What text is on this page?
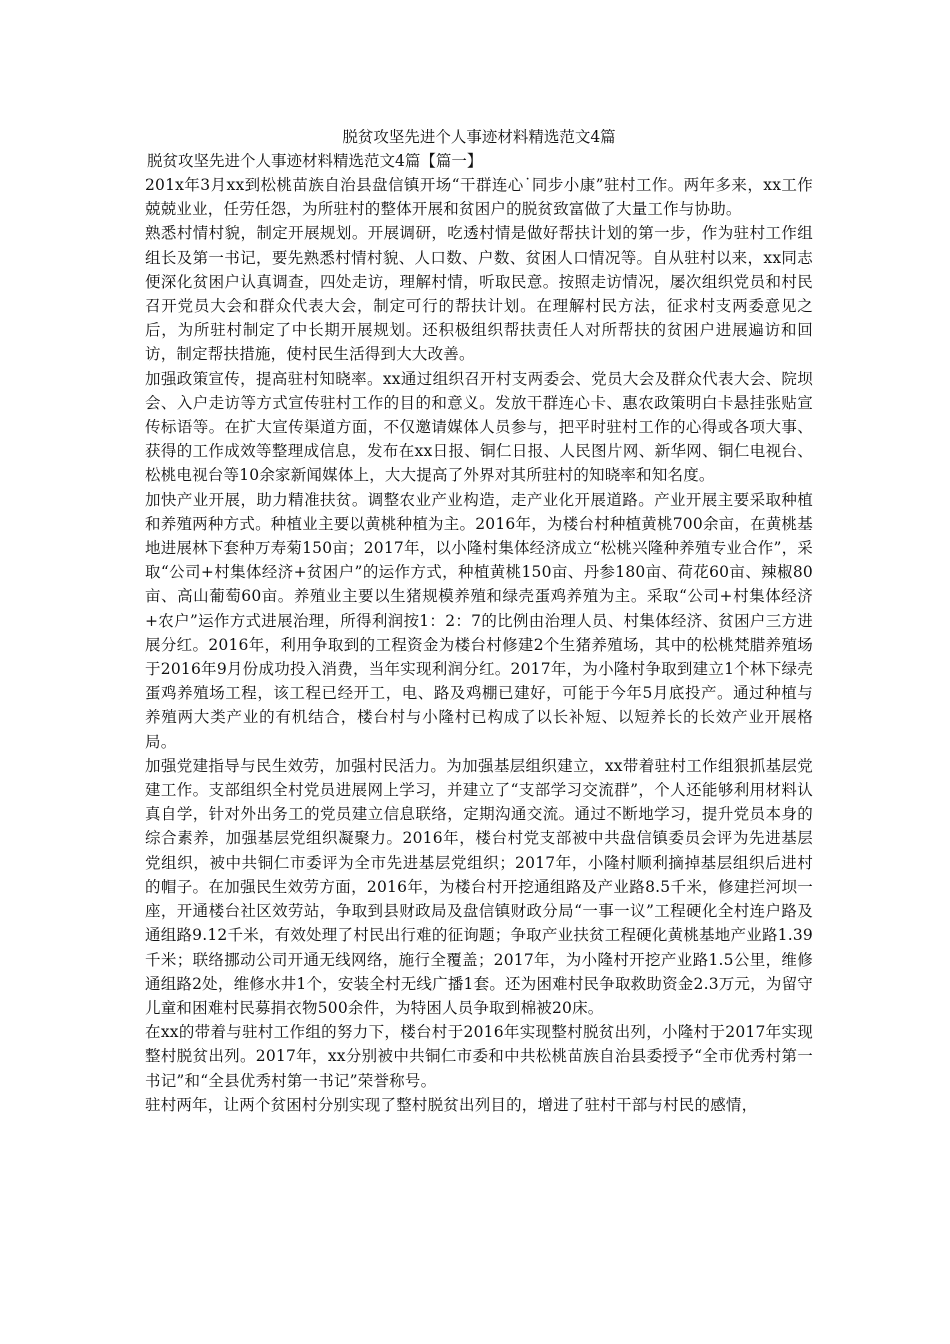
脱贫攻坚先进个人事迹材料精选范文4篇

脱贫攻坚先进个人事迹材料精选范文4篇【篇一】

201x年3月xx到松桃苗族自治县盘信镇开场“干群连心˙同步小康”驻村工作。两年多来，xx工作兢兢业业，任劳任怨，为所驻村的整体开展和贫困户的脱贫致富做了大量工作与协助。

熟悉村情村貌，制定开展规划。开展调研，吃透村情是做好帮扶计划的第一步，作为驻村工作组组长及第一书记，要先熟悉村情村貌、人口数、户数、贫困人口情况等。自从驻村以来，xx同志便深化贫困户认真调查，四处走访，理解村情，听取民意。按照走访情况，屡次组织党员和村民召开党员大会和群众代表大会，制定可行的帮扶计划。在理解村民方法，征求村支两委意见之后，为所驻村制定了中长期开展规划。还积极组织帮扶责任人对所帮扶的贫困户进展遍访和回访，制定帮扶措施，使村民生活得到大大改善。

加强政策宣传，提高驻村知晓率。xx通过组织召开村支两委会、党员大会及群众代表大会、院坝会、入户走访等方式宣传驻村工作的目的和意义。发放干群连心卡、惠农政策明白卡悬挂张贴宣传标语等。在扩大宣传渠道方面，不仅邀请媒体人员参与，把平时驻村工作的心得或各项大事、获得的工作成效等整理成信息，发布在xx日报、铜仁日报、人民图片网、新华网、铜仁电视台、松桃电视台等10余家新闻媒体上，大大提高了外界对其所驻村的知晓率和知名度。

加快产业开展，助力精准扶贫。调整农业产业构造，走产业化开展道路。产业开展主要采取种植和养殖两种方式。种植业主要以黄桃种植为主。2016年，为楼台村种植黄桃700余亩，在黄桃基地进展林下套种万寿菊150亩；2017年，以小隆村集体经济成立“松桃兴隆种养殖专业合作”，采取“公司+村集体经济+贫困户”的运作方式，种植黄桃150亩、丹参180亩、荷花60亩、辣椒80亩、高山葡萄60亩。养殖业主要以生猪规模养殖和绿壳蛋鸡养殖为主。采取“公司+村集体经济+农户”运作方式进展治理，所得利润按1：2：7的比例由治理人员、村集体经济、贫困户三方进展分红。2016年，利用争取到的工程资金为楼台村修建2个生猪养殖场，其中的松桃梵腊养殖场于2016年9月份成功投入消费，当年实现利润分红。2017年，为小隆村争取到建立1个林下绿壳蛋鸡养殖场工程，该工程已经开工，电、路及鸡棚已建好，可能于今年5月底投产。通过种植与养殖两大类产业的有机结合，楼台村与小隆村已构成了以长补短、以短养长的长效产业开展格局。

加强党建指导与民生效劳，加强村民活力。为加强基层组织建立，xx带着驻村工作组狠抓基层党建工作。支部组织全村党员进展网上学习，并建立了“支部学习交流群”，个人还能够利用材料认真自学，针对外出务工的党员建立信息联络，定期沟通交流。通过不断地学习，提升党员本身的综合素养，加强基层党组织凝聚力。2016年，楼台村党支部被中共盘信镇委员会评为先进基层党组织，被中共铜仁市委评为全市先进基层党组织；2017年，小隆村顺利摘掉基层组织后进村的帽子。在加强民生效劳方面，2016年，为楼台村开挖通组路及产业路8.5千米，修建拦河坝一座，开通楼台社区效劳站，争取到县财政局及盘信镇财政分局“一事一议”工程硬化全村连户路及通组路9.12千米，有效处理了村民出行难的征询题；争取产业扶贫工程硬化黄桃基地产业路1.39千米；联络挪动公司开通无线网络，施行全覆盖；2017年，为小隆村开挖产业路1.5公里，维修通组路2处，维修水井1个，安装全村无线广播1套。还为困难村民争取救助资金2.3万元，为留守儿童和困难村民募捐衣物500余件，为特困人员争取到棉被20床。

在xx的带着与驻村工作组的努力下，楼台村于2016年实现整村脱贫出列，小隆村于2017年实现整村脱贫出列。2017年，xx分别被中共铜仁市委和中共松桃苗族自治县委授予“全市优秀村第一书记”和“全县优秀村第一书记”荣誉称号。

驻村两年，让两个贫困村分别实现了整村脱贫出列目的，增进了驻村干部与村民的感情，
